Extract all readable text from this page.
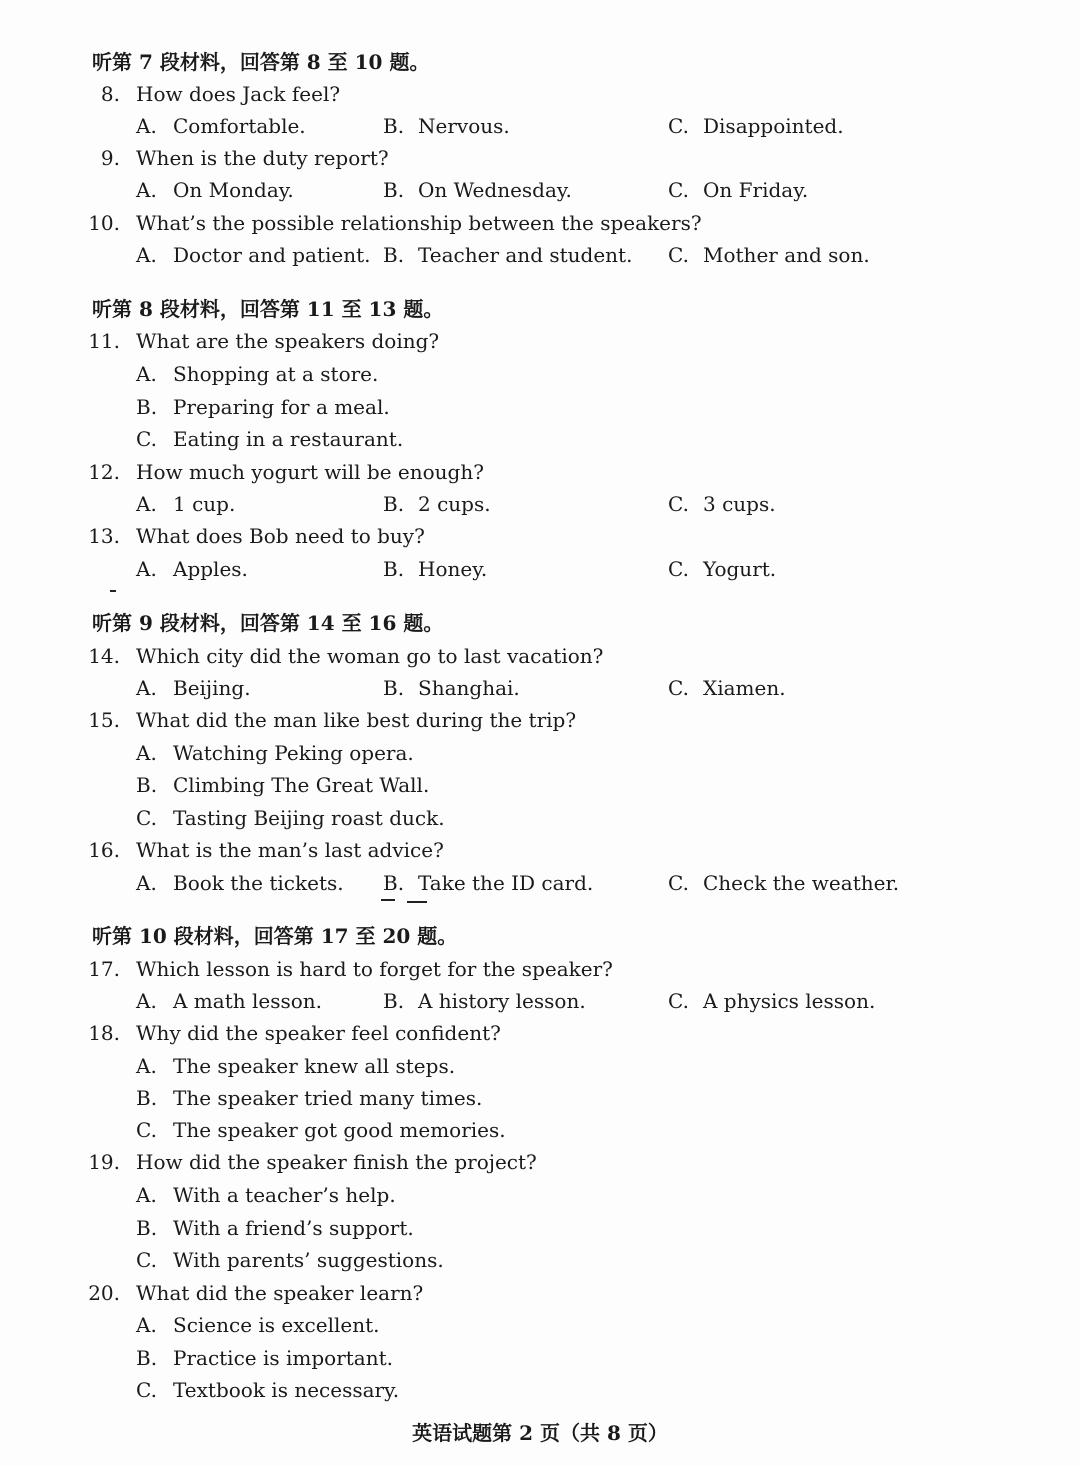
听第 7 段材料，回答第 8 至 10 题。
8. How does Jack feel?
A. Comfortable.	B. Nervous.	C. Disappointed.
9. When is the duty report?
A. On Monday.	B. On Wednesday.	C. On Friday.
10. What’s the possible relationship between the speakers?
A. Doctor and patient. B. Teacher and student. C. Mother and son.
听第 8 段材料，回答第 11 至 13 题。
11. What are the speakers doing?
A. Shopping at a store.
B. Preparing for a meal.
C. Eating in a restaurant.
12. How much yogurt will be enough?
A. 1 cup.	B. 2 cups.	C. 3 cups.
13. What does Bob need to buy?
A. Apples.	B. Honey.	C. Yogurt.
听第 9 段材料，回答第 14 至 16 题。
14. Which city did the woman go to last vacation?
A. Beijing.	B. Shanghai.	C. Xiamen.
15. What did the man like best during the trip?
A. Watching Peking opera.
B. Climbing The Great Wall.
C. Tasting Beijing roast duck.
16. What is the man’s last advice?
A. Book the tickets. B. Take the ID card.	C. Check the weather.
听第 10 段材料，回答第 17 至 20 题。
17. Which lesson is hard to forget for the speaker?
A. A math lesson.	B. A history lesson.	C. A physics lesson.
18. Why did the speaker feel confident?
A. The speaker knew all steps.
B. The speaker tried many times.
C. The speaker got good memories.
19. How did the speaker finish the project?
A. With a teacher’s help.
B. With a friend’s support.
C. With parents’ suggestions.
20. What did the speaker learn?
A. Science is excellent.
B. Practice is important.
C. Textbook is necessary.
英语试题第 2 页（共 8 页）
